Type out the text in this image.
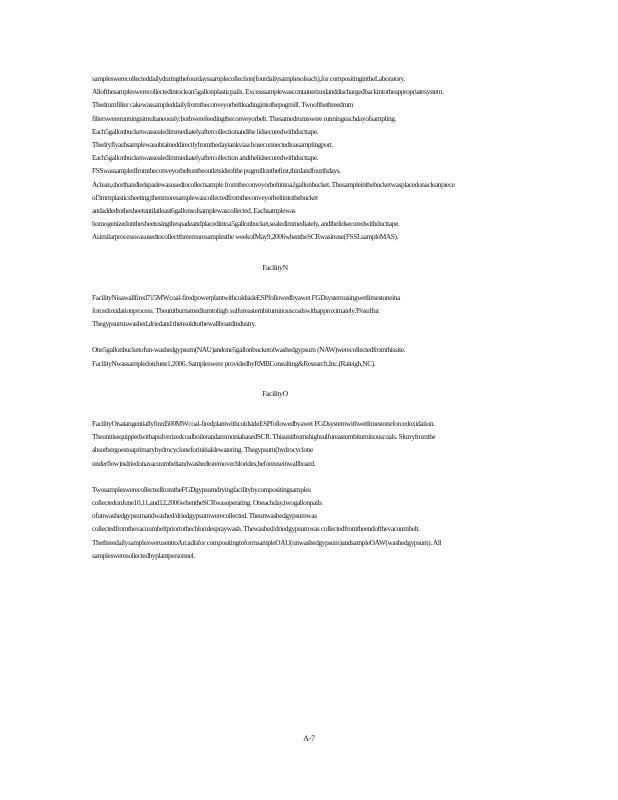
sampleswerecollecteddailyduringthefourdayssamplecollection(fourdailysamplesofeach),for compositingintheLaboratory. Allofthesampleswerecollectedintoclean5gallonplasticpails. Excesssamplewascontainerizedanddischargedbackintotheappropriatesystem. Thedrumfilter cakewassampleddailyfromtheconveyorbeltleadingintothepugmill. Twoofthethreedrum filterswererunningsimultaneously;bothwerefeedingtheconveyorbelt. Thesamedrumswere runningeachdayofsampling. Each5gallonbucketwassealedimmediatelyaftercollectionandthe lidsecuredwithducttape. Thedryflyashsamplewasobtaineddirectlyfromthedaytankviaa hoseconnectedtoasamplingport. Each5gallonbucketwassealedimmediatelyaftercollection andthelidsecuredwithducttape. FSSwassampledfromtheconveyorbeltontheoutletsideofthe pugmillonthefirst,thirdandfourthdays. Aclean,shorthandledspadewasusedtocollectsample fromtheconveyorbeltintoa2gallonbucket. Thesampleinthebucketwasplacedonacleanpiece of3mmplasticsheeting;thenmoresamplewascollectedfromtheconveyorbeltintothebucket andaddedtothesheetuntilatleast6gallonsofsamplewascollected. Eachsamplewas homogenizedonthesheetusingthespadeandplacedintoa5gallonbucket,sealedimmediately, andthelidsecuredwithducttape. Asimilarprocesswasusedtocollectthreemoresamplesthe weekofMay9,2006whentheSCRwasinuse(FSSLsampleMAS).

FacilityN

FacilityNisawallfired715MWcoal-firedpowerplantwithcoldsideESPfollowedbyawet FGDsystemusingwetlimestoneina forcedoxidationprocess. Theunitburnsmediumtohigh sulfureasternbituminouscoalswithapproximately3%sulfur. Thegypsumiswashed,driedand thensoldtothewallboardindustry.

One5gallonbucketofun-washedgypsum(NAU)andone5gallonbucketofwashedgypsum (NAW)werecollectedfromthissite. FacilityNwassampledonJune1,2006. Sampleswere providedbyRMBConsulting&Research,Inc.(Raleigh,NC).

FacilityO

FacilityOisatangentiallyfired500MWcoal-firedplantwithcoldsideESPfollowedbyawet FGDsystemwithwetlimestoneforcedoxidation. TheunitisequippedwithapulverizedcoalboilerandammoniabasedSCR. Thisunitburnshighsulfureasternbituminouscoals. Slurryfromthe absorbergoestoaprimaryhydrocycloneforinitialdewatering. Thegypsum(hydrocyclone underflow)isdriedonavacuumbeltandwashedtoremovechlorides,beforeuseinwallboard.

TwosampleswerecollectedfromtheFGDgypsumdryingfacilitybycompositingsamples collectedonJune10,11,and12,2006whentheSCRwasoperating. Oneachday,twogallonpails ofunwashedgypsumandwashed/driedgypsumwerecollected. Theunwashedgypsumwas collectedfromthevacuumbeltpriortothechloridespraywash. Thewashed/driedgypsumwas collectedfromtheendofthevacuumbelt. ThethreedailysampleswerusenttoArcadisfor compositingtoformsampleOAU(unwashedgypsum)andsampleOAW(washedgypsum). All samplesweresollectedbyplantpersonnel.

A-7
